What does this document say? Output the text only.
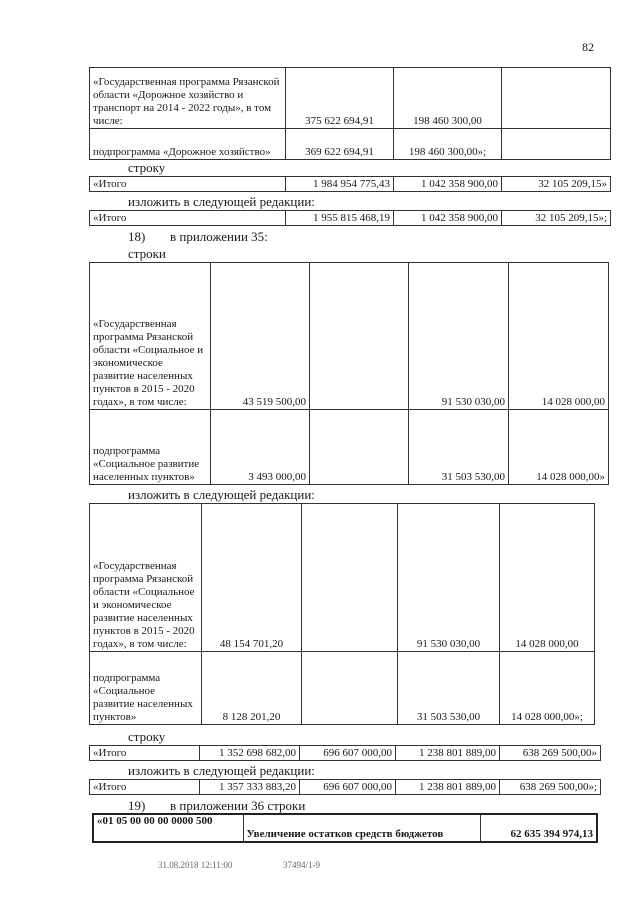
82
«Государственная программа Рязанской области «Дорожное хозяйство и транспорт на 2014 - 2022 годы», в том числе:	375 622 694,91	198 460 300,00	
подпрограмма «Дорожное хозяйство»	369 622 694,91	198 460 300,00»;	
строку
«Итого	1 984 954 775,43	1 042 358 900,00	32 105 209,15»
изложить в следующей редакции:
«Итого	1 955 815 468,19	1 042 358 900,00	32 105 209,15»;
18) в приложении 35:
строки
«Государственная программа Рязанской области «Социальное и экономическое развитие населенных пунктов в 2015 - 2020 годах», в том числе:	43 519 500,00		91 530 030,00	14 028 000,00
подпрограмма «Социальное развитие населенных пунктов»	3 493 000,00		31 503 530,00	14 028 000,00»
изложить в следующей редакции:
«Государственная программа Рязанской области «Социальное и экономическое развитие населенных пунктов в 2015 - 2020 годах», в том числе:	48 154 701,20		91 530 030,00	14 028 000,00
подпрограмма «Социальное развитие населенных пунктов»	8 128 201,20		31 503 530,00	14 028 000,00»;
строку
«Итого	1 352 698 682,00	696 607 000,00	1 238 801 889,00	638 269 500,00»
изложить в следующей редакции:
«Итого	1 357 333 883,20	696 607 000,00	1 238 801 889,00	638 269 500,00»;
19) в приложении 36 строки
«01 05 00 00 00 0000 500	Увеличение остатков средств бюджетов	62 635 394 974,13
31.08.2018 12:11:00	37494/1-9
